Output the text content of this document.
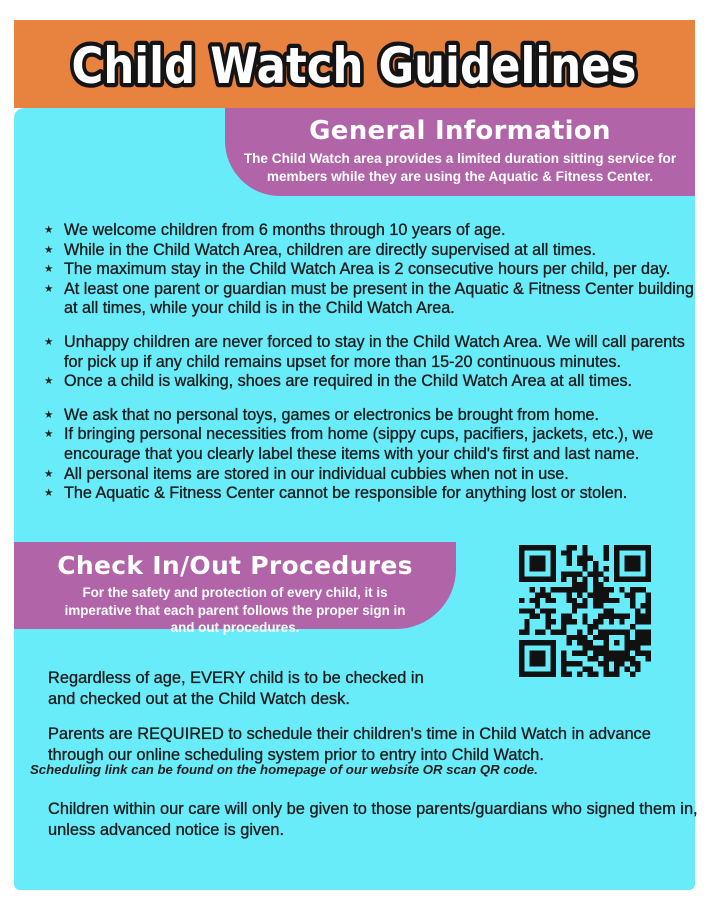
Child Watch Guidelines
General Information

The Child Watch area provides a limited duration sitting service for members while they are using the Aquatic & Fitness Center.

★ We welcome children from 6 months through 10 years of age.
★ While in the Child Watch Area, children are directly supervised at all times.
★ The maximum stay in the Child Watch Area is 2 consecutive hours per child, per day.
★ At least one parent or guardian must be present in the Aquatic & Fitness Center building at all times, while your child is in the Child Watch Area.
★ Unhappy children are never forced to stay in the Child Watch Area. We will call parents for pick up if any child remains upset for more than 15-20 continuous minutes.
★ Once a child is walking, shoes are required in the Child Watch Area at all times.
★ We ask that no personal toys, games or electronics be brought from home.
★ If bringing personal necessities from home (sippy cups, pacifiers, jackets, etc.), we encourage that you clearly label these items with your child's first and last name.
★ All personal items are stored in our individual cubbies when not in use.
★ The Aquatic & Fitness Center cannot be responsible for anything lost or stolen.
Check In/Out Procedures

For the safety and protection of every child, it is imperative that each parent follows the proper sign in and out procedures.

Regardless of age, EVERY child is to be checked in and checked out at the Child Watch desk.

Parents are REQUIRED to schedule their children's time in Child Watch in advance through our online scheduling system prior to entry into Child Watch.

Scheduling link can be found on the homepage of our website OR scan QR code.

Children within our care will only be given to those parents/guardians who signed them in, unless advanced notice is given.
